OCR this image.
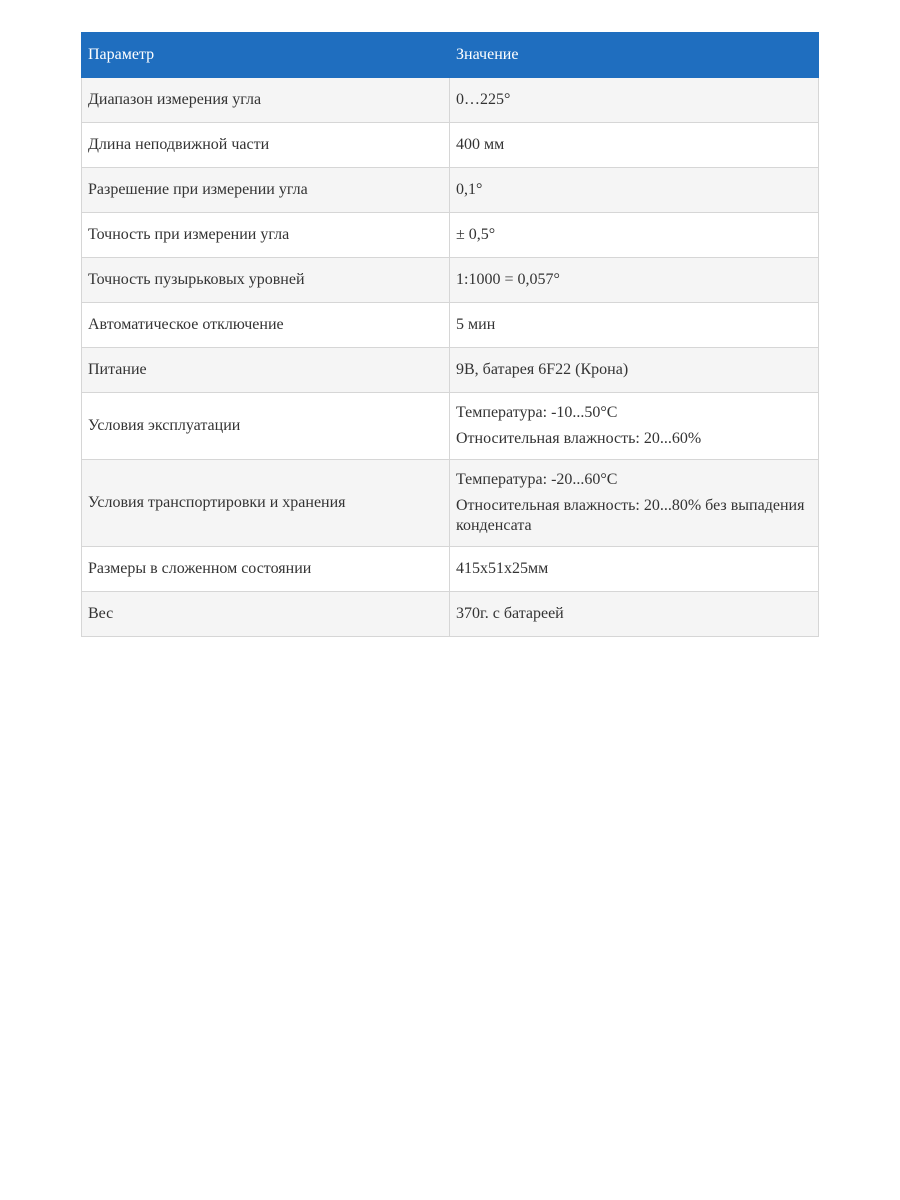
Параметр	Значение
Диапазон измерения угла	0…225°

Длина неподвижной части	400 мм

Разрешение при измерении угла	0,1°

Точность при измерении угла	± 0,5°

Точность пузырьковых уровней	1:1000 = 0,057°

Автоматическое отключение	5 мин

Питание	9В, батарея 6F22 (Крона)

Условия эксплуатации	Температура: -10...50°С
Относительная влажность: 20...60%

Условия транспортировки и хранения	Температура: -20...60°С
Относительная влажность: 20...80% без выпадения конденсата

Размеры в сложенном состоянии	415х51х25мм

Вес	370г. с батареей
